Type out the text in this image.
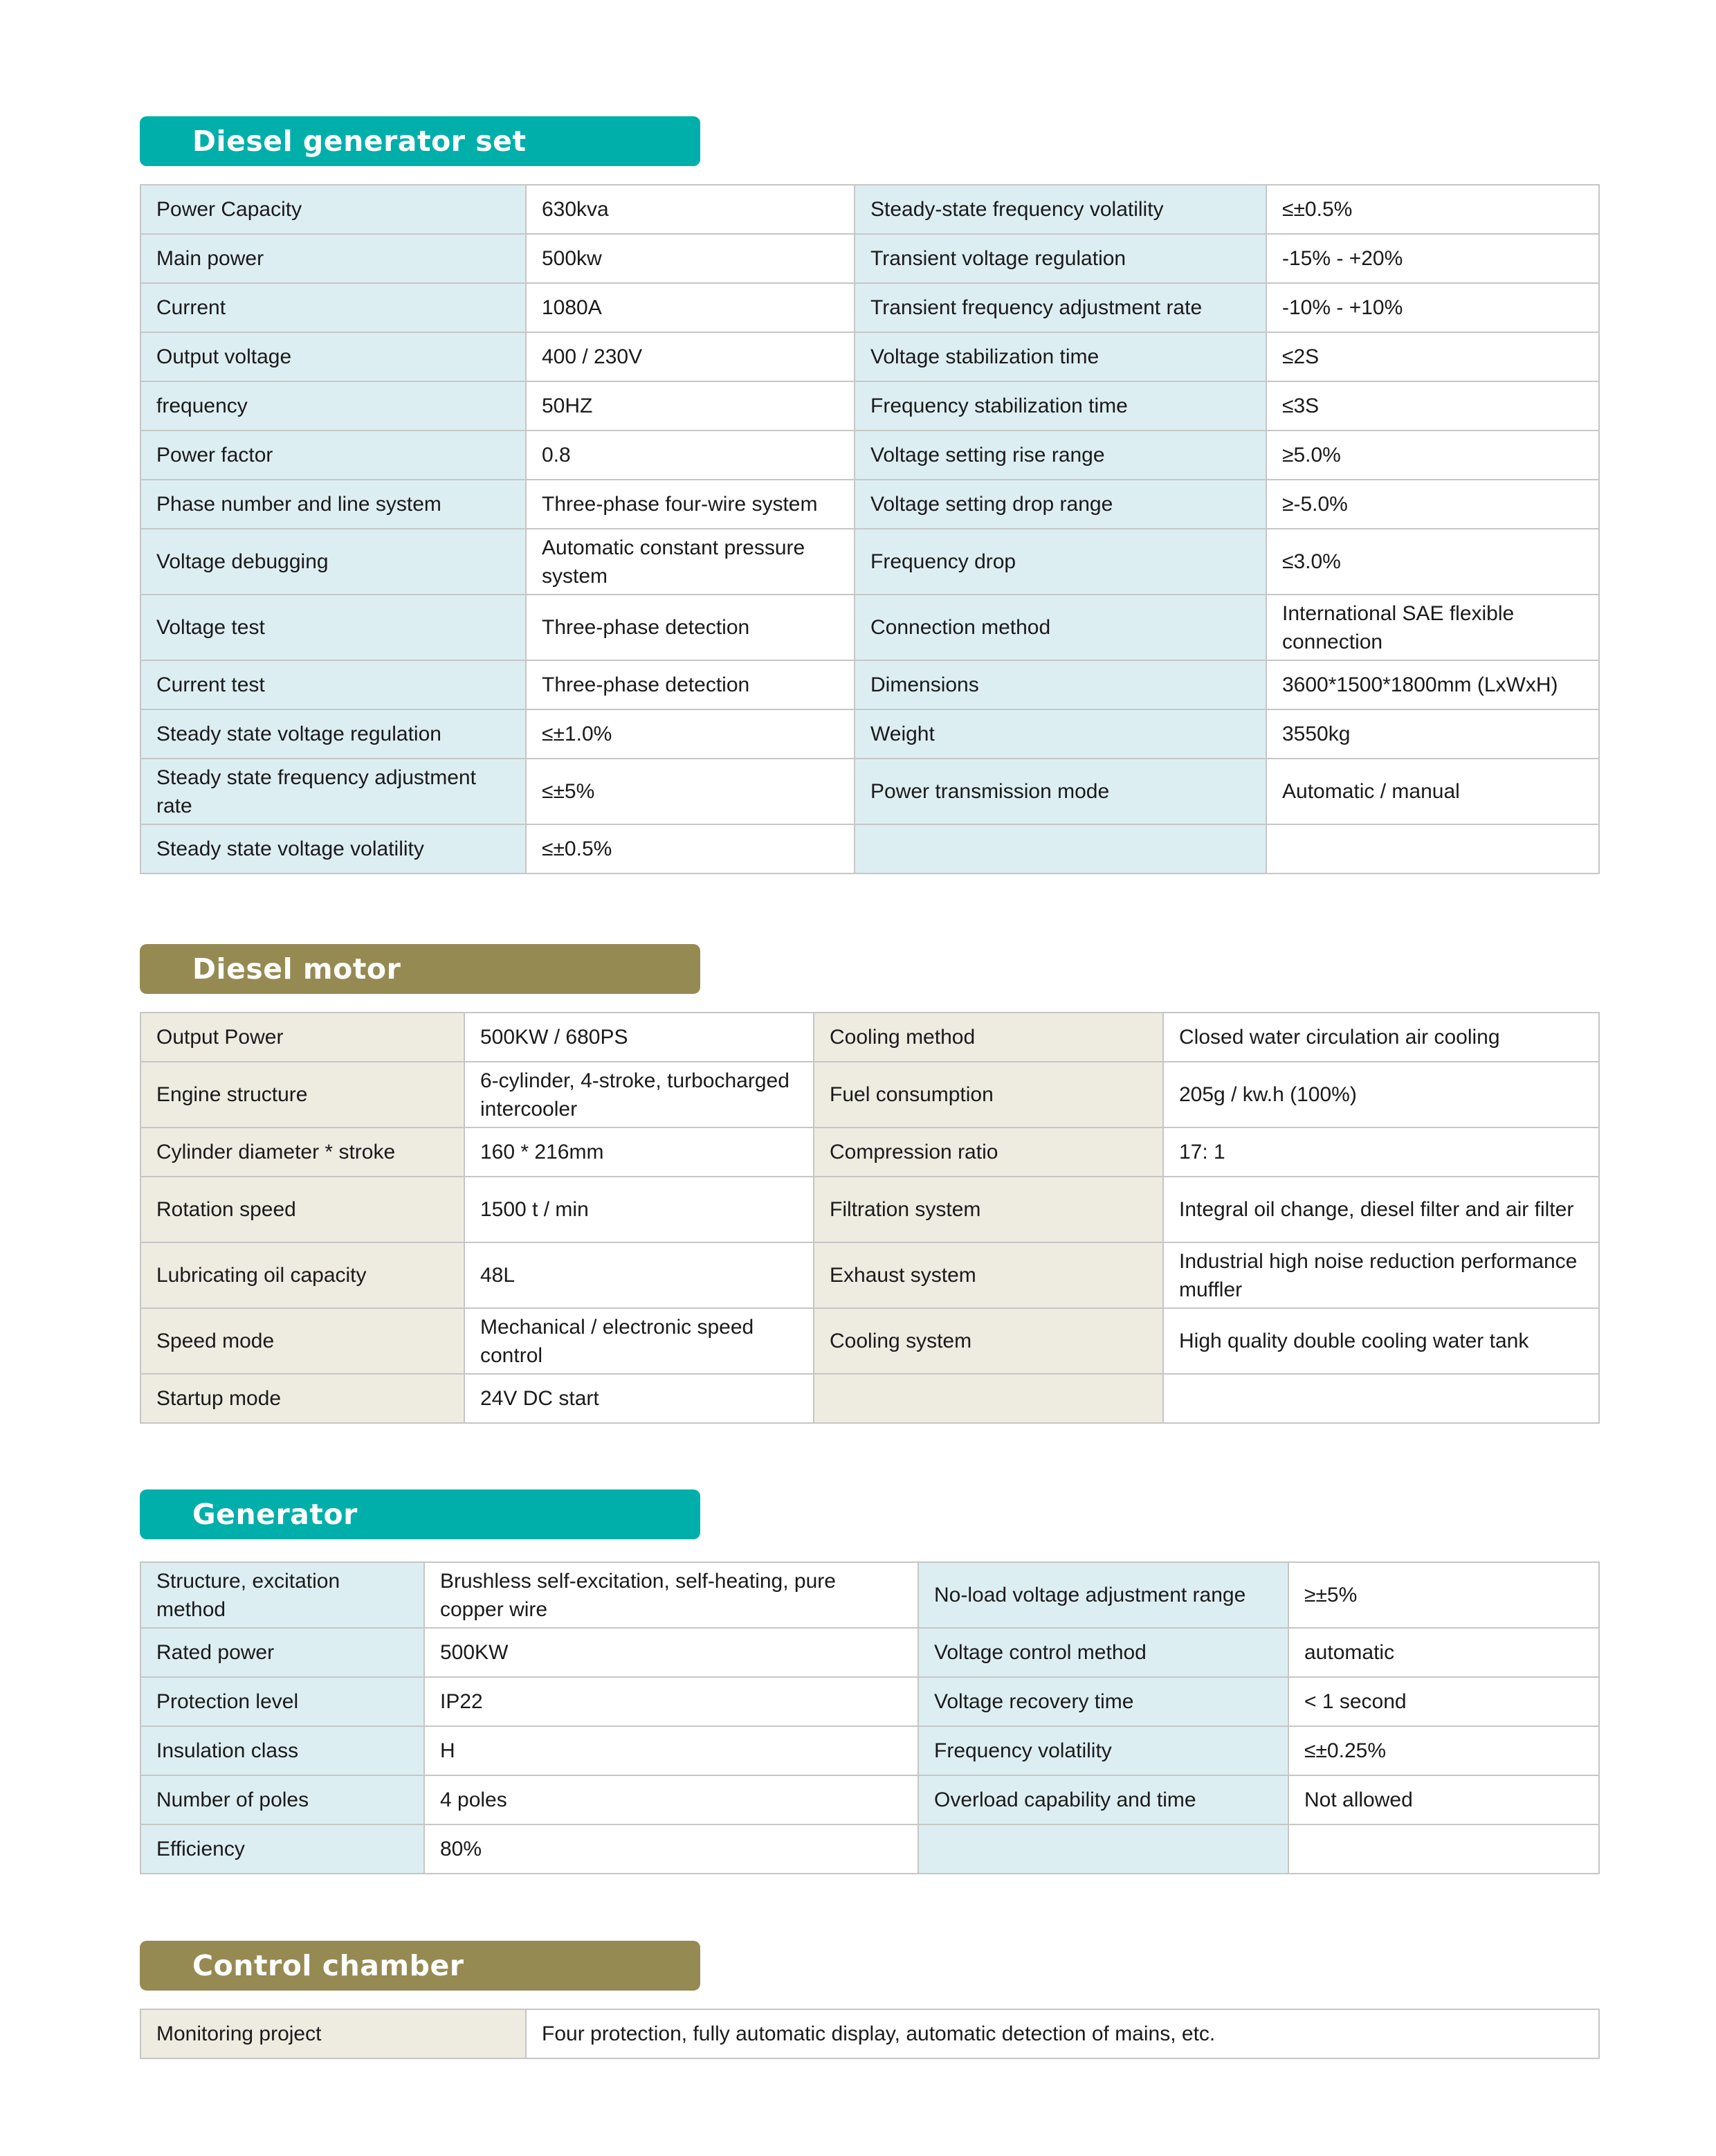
Diesel generator set
Power Capacity	630kva	Steady-state frequency volatility	≤±0.5%
Main power	500kw	Transient voltage regulation	-15% - +20%
Current	1080A	Transient frequency adjustment rate	-10% - +10%
Output voltage	400 / 230V	Voltage stabilization time	≤2S
frequency	50HZ	Frequency stabilization time	≤3S
Power factor	0.8	Voltage setting rise range	≥5.0%
Phase number and line system	Three-phase four-wire system	Voltage setting drop range	≥-5.0%
Voltage debugging	Automatic constant pressure system	Frequency drop	≤3.0%
Voltage test	Three-phase detection	Connection method	International SAE flexible connection
Current test	Three-phase detection	Dimensions	3600*1500*1800mm (LxWxH)
Steady state voltage regulation	≤±1.0%	Weight	3550kg
Steady state frequency adjustment rate	≤±5%	Power transmission mode	Automatic / manual
Steady state voltage volatility	≤±0.5%		
Diesel motor
Output Power	500KW / 680PS	Cooling method	Closed water circulation air cooling
Engine structure	6-cylinder, 4-stroke, turbocharged intercooler	Fuel consumption	205g / kw.h (100%)
Cylinder diameter * stroke	160 * 216mm	Compression ratio	17: 1
Rotation speed	1500 t / min	Filtration system	Integral oil change, diesel filter and air filter
Lubricating oil capacity	48L	Exhaust system	Industrial high noise reduction performance muffler
Speed mode	Mechanical / electronic speed control	Cooling system	High quality double cooling water tank
Startup mode	24V DC start		
Generator
Structure, excitation method	Brushless self-excitation, self-heating, pure copper wire	No-load voltage adjustment range	≥±5%
Rated power	500KW	Voltage control method	automatic
Protection level	IP22	Voltage recovery time	< 1 second
Insulation class	H	Frequency volatility	≤±0.25%
Number of poles	4 poles	Overload capability and time	Not allowed
Efficiency	80%		
Control chamber
Monitoring project	Four protection, fully automatic display, automatic detection of mains, etc.
